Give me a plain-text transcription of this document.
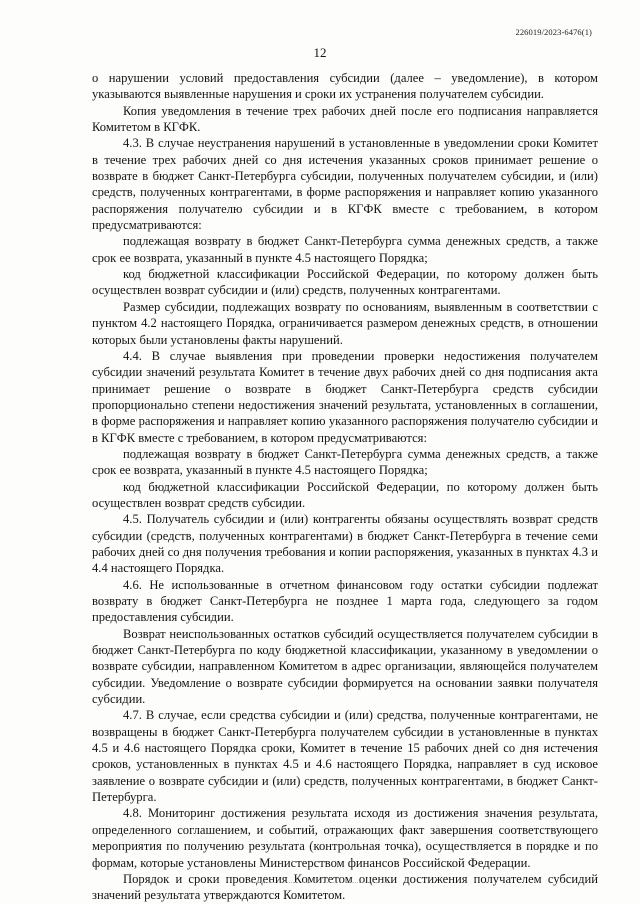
226019/2023-6476(1)
12

о нарушении условий предоставления субсидии (далее – уведомление), в котором указываются выявленные нарушения и сроки их устранения получателем субсидии.

Копия уведомления в течение трех рабочих дней после его подписания направляется Комитетом в КГФК.

4.3. В случае неустранения нарушений в установленные в уведомлении сроки Комитет в течение трех рабочих дней со дня истечения указанных сроков принимает решение о возврате в бюджет Санкт-Петербурга субсидии, полученных получателем субсидии, и (или) средств, полученных контрагентами, в форме распоряжения и направляет копию указанного распоряжения получателю субсидии и в КГФК вместе с требованием, в котором предусматриваются:

подлежащая возврату в бюджет Санкт-Петербурга сумма денежных средств, а также срок ее возврата, указанный в пункте 4.5 настоящего Порядка;

код бюджетной классификации Российской Федерации, по которому должен быть осуществлен возврат субсидии и (или) средств, полученных контрагентами.

Размер субсидии, подлежащих возврату по основаниям, выявленным в соответствии с пунктом 4.2 настоящего Порядка, ограничивается размером денежных средств, в отношении которых были установлены факты нарушений.

4.4. В случае выявления при проведении проверки недостижения получателем субсидии значений результата Комитет в течение двух рабочих дней со дня подписания акта принимает решение о возврате в бюджет Санкт-Петербурга средств субсидии пропорционально степени недостижения значений результата, установленных в соглашении, в форме распоряжения и направляет копию указанного распоряжения получателю субсидии и в КГФК вместе с требованием, в котором предусматриваются:

подлежащая возврату в бюджет Санкт-Петербурга сумма денежных средств, а также срок ее возврата, указанный в пункте 4.5 настоящего Порядка;

код бюджетной классификации Российской Федерации, по которому должен быть осуществлен возврат средств субсидии.

4.5. Получатель субсидии и (или) контрагенты обязаны осуществлять возврат средств субсидии (средств, полученных контрагентами) в бюджет Санкт-Петербурга в течение семи рабочих дней со дня получения требования и копии распоряжения, указанных в пунктах 4.3 и 4.4 настоящего Порядка.

4.6. Не использованные в отчетном финансовом году остатки субсидии подлежат возврату в бюджет Санкт-Петербурга не позднее 1 марта года, следующего за годом предоставления субсидии.

Возврат неиспользованных остатков субсидий осуществляется получателем субсидии в бюджет Санкт-Петербурга по коду бюджетной классификации, указанному в уведомлении о возврате субсидии, направленном Комитетом в адрес организации, являющейся получателем субсидии. Уведомление о возврате субсидии формируется на основании заявки получателя субсидии.

4.7. В случае, если средства субсидии и (или) средства, полученные контрагентами, не возвращены в бюджет Санкт-Петербурга получателем субсидии в установленные в пунктах 4.5 и 4.6 настоящего Порядка сроки, Комитет в течение 15 рабочих дней со дня истечения сроков, установленных в пунктах 4.5 и 4.6 настоящего Порядка, направляет в суд исковое заявление о возврате субсидии и (или) средств, полученных контрагентами, в бюджет Санкт-Петербурга.

4.8. Мониторинг достижения результата исходя из достижения значения результата, определенного соглашением, и событий, отражающих факт завершения соответствующего мероприятия по получению результата (контрольная точка), осуществляется в порядке и по формам, которые установлены Министерством финансов Российской Федерации.

Порядок и сроки проведения Комитетом оценки достижения получателем субсидий значений результата утверждаются Комитетом.
